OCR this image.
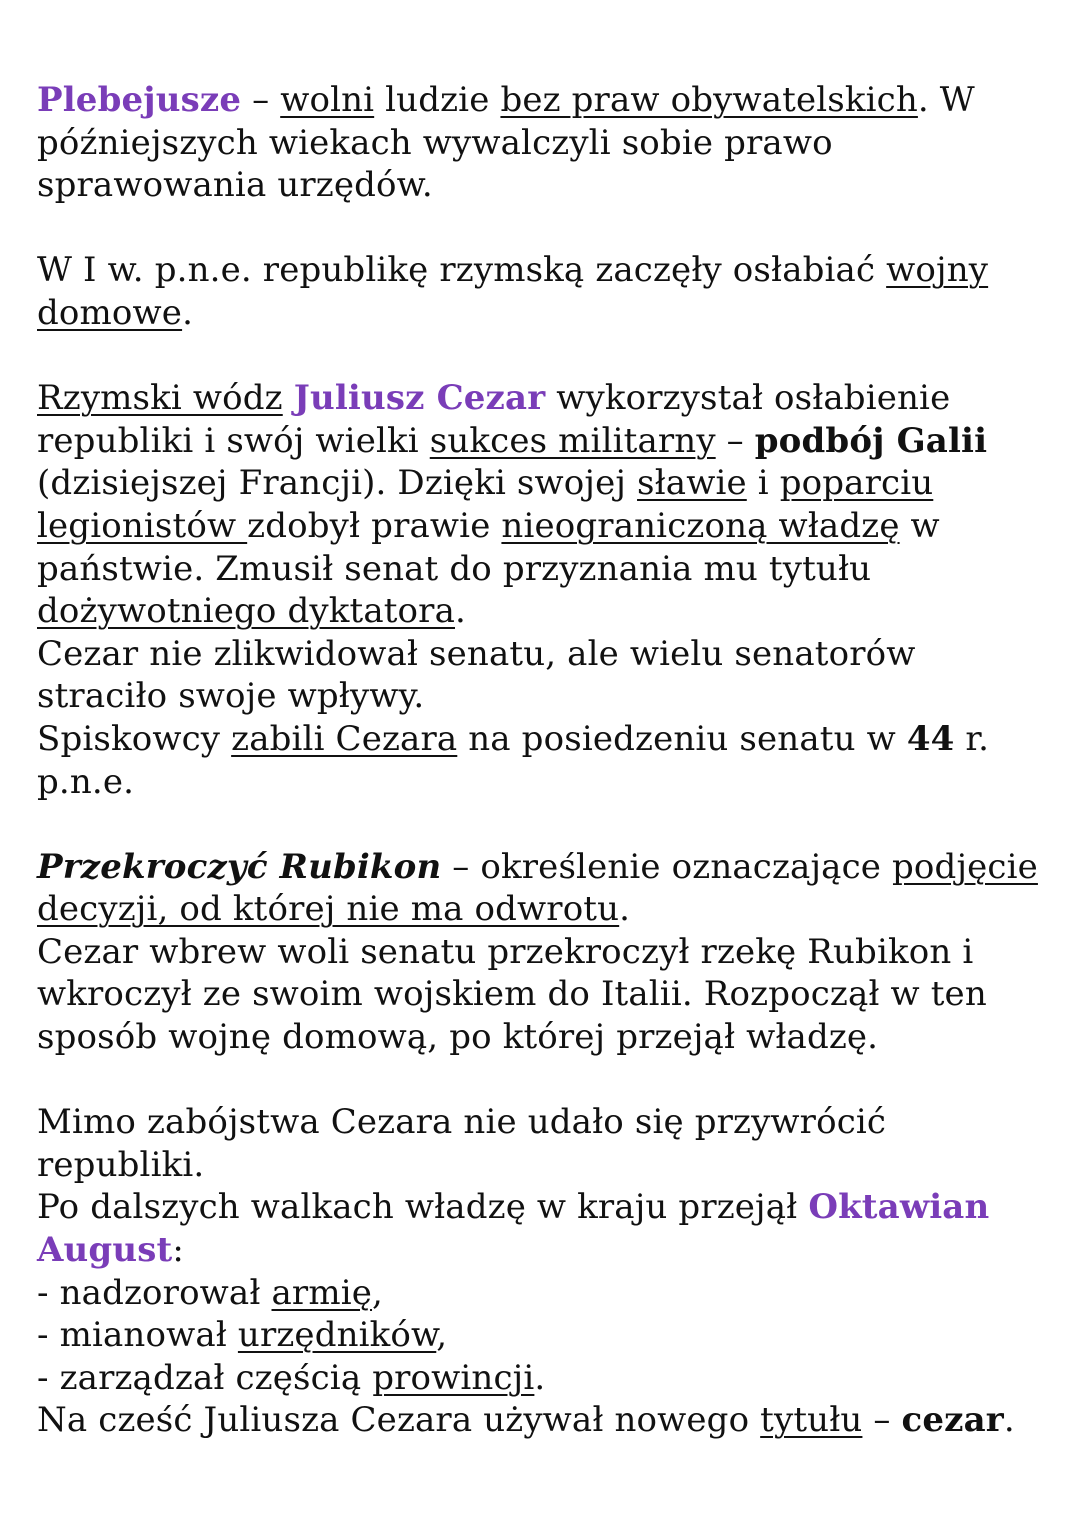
Plebejusze – wolni ludzie bez praw obywatelskich. W późniejszych wiekach wywalczyli sobie prawo sprawowania urzędów.

W I w. p.n.e. republikę rzymską zaczęły osłabiać wojny domowe.

Rzymski wódz Juliusz Cezar wykorzystał osłabienie republiki i swój wielki sukces militarny – podbój Galii (dzisiejszej Francji). Dzięki swojej sławie i poparciu legionistów zdobył prawie nieograniczoną władzę w państwie. Zmusił senat do przyznania mu tytułu dożywotniego dyktatora.

Cezar nie zlikwidował senatu, ale wielu senatorów straciło swoje wpływy.

Spiskowcy zabili Cezara na posiedzeniu senatu w 44 r. p.n.e.

Przekroczyć Rubikon – określenie oznaczające podjęcie decyzji, od której nie ma odwrotu.

Cezar wbrew woli senatu przekroczył rzekę Rubikon i wkroczył ze swoim wojskiem do Italii. Rozpoczął w ten sposób wojnę domową, po której przejął władzę.

Mimo zabójstwa Cezara nie udało się przywrócić republiki.

Po dalszych walkach władzę w kraju przejął Oktawian August:

- nadzorował armię,

- mianował urzędników,

- zarządzał częścią prowincji.

Na cześć Juliusza Cezara używał nowego tytułu – cezar.
